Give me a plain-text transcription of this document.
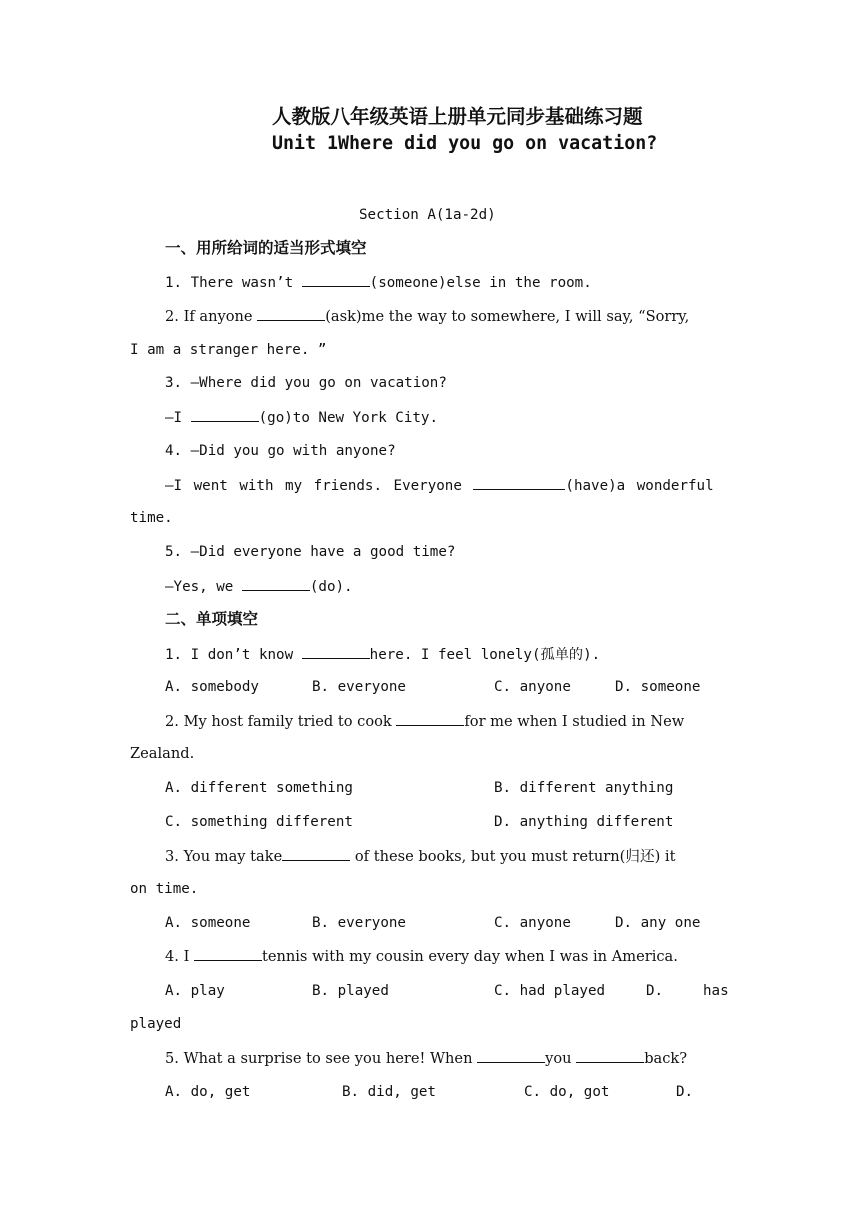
人教版八年级英语上册单元同步基础练习题
Unit 1Where did you go on vacation?
Section A(1a-2d)
一、用所给词的适当形式填空
1. There wasn’t	(someone)else in the room.
2. If anyone	(ask)me the way to somewhere, I will say, “Sorry,
I am a stranger here. ”
3. —Where did you go on vacation?
—I	(go)to New York City.
4. —Did you go with anyone?
—I went with my friends. Everyone	(have)a wonderful
time.
5. —Did everyone have a good time?
—Yes, we	(do).
二、单项填空
1. I don’t know	here. I feel lonely(孤单的).
A. somebody	B. everyone	C. anyone	D. someone
2. My host family tried to cook	for me when I studied in New
Zealand.
A. different something	B. different anything
C. something different	D. anything different
3. You may take	of these books, but you must return(归还) it
on time.
A. someone	B. everyone	C. anyone	D. any one
4. I	tennis with my cousin every day when I was in America.
A. play	B. played	C. had played	D.	has
played
5. What a surprise to see you here! When	you	back?
A. do, get	B. did, get	C. do, got	D.
